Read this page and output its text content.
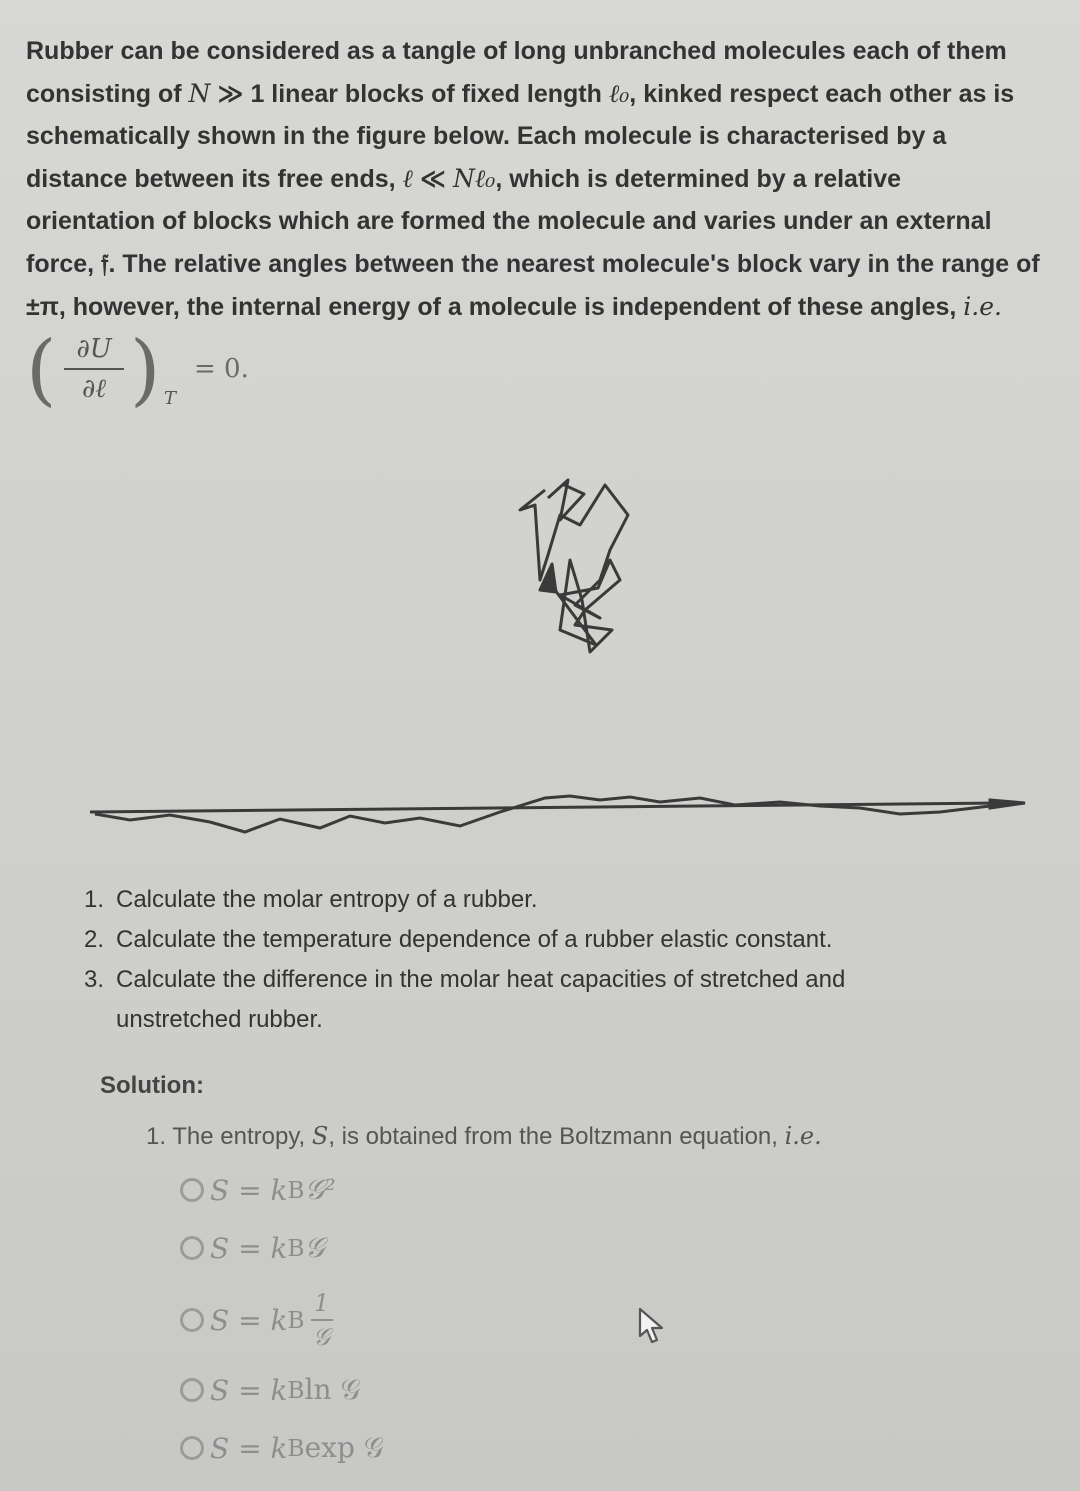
Rubber can be considered as a tangle of long unbranched molecules each of them
consisting of N ≫ 1 linear blocks of fixed length ℓ₀, kinked respect each other as is
schematically shown in the figure below. Each molecule is characterised by a
distance between its free ends, ℓ ≪ Nℓ₀, which is determined by a relative
orientation of blocks which are formed the molecule and varies under an external
force, 𝔣. The relative angles between the nearest molecule's block vary in the range of
±π, however, the internal energy of a molecule is independent of these angles, i.e.

( ∂U
∂ℓ ) T
= 0.
1. Calculate the molar entropy of a rubber.
2. Calculate the temperature dependence of a rubber elastic constant.
3. Calculate the difference in the molar heat capacities of stretched and unstretched rubber.
Solution:
1. The entropy, S, is obtained from the Boltzmann equation, i.e.
S = k B 𝒢²
S = k B 𝒢
S = k B $\frac{1}{\text{𝒢}}$
S = k B ln 𝒢
S = k B exp 𝒢
